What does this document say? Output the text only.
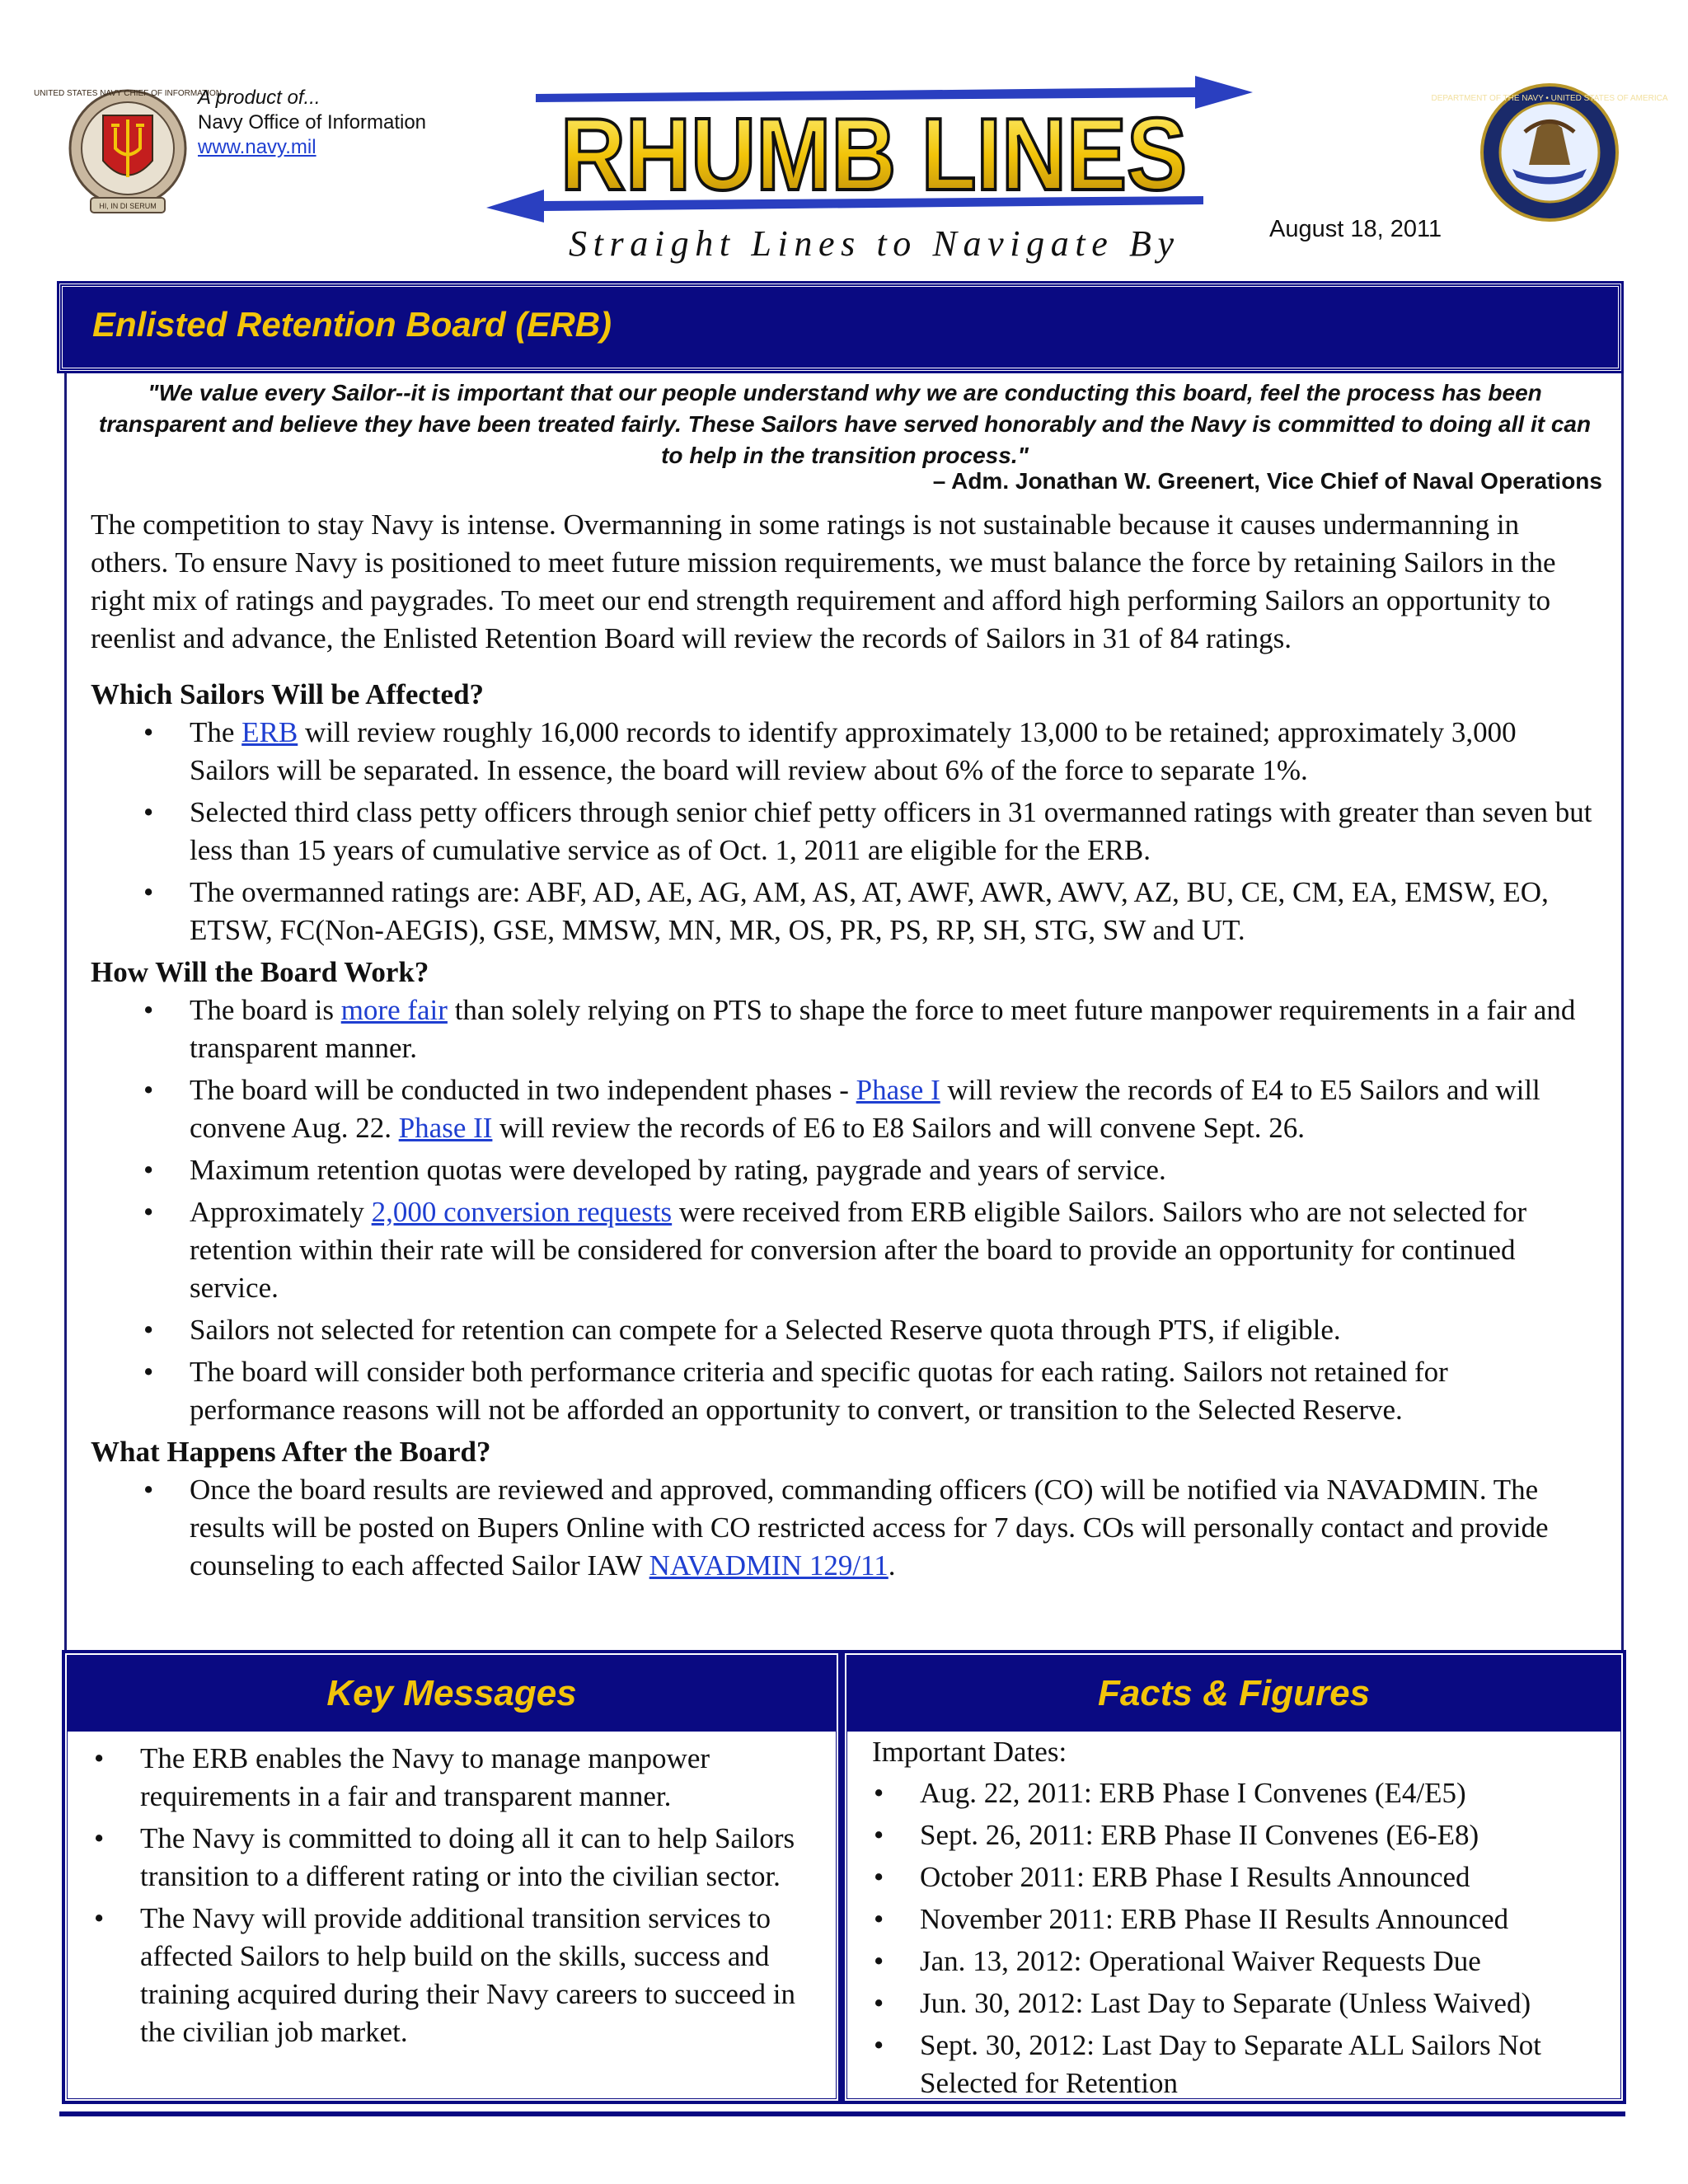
UNITED STATES NAVY CHIEF OF INFORMATION
HI, IN DI SERUM
A product of...
Navy Office of Information
www.navy.mil	RHUMB LINES
Straight Lines to Navigate By
DEPARTMENT OF THE NAVY • UNITED STATES OF AMERICA
August 18, 2011
Enlisted Retention Board (ERB)
"We value every Sailor--it is important that our people understand why we are conducting this board, feel the process has been transparent and believe they have been treated fairly. These Sailors have served honorably and the Navy is committed to doing all it can to help in the transition process."
– Adm. Jonathan W. Greenert, Vice Chief of Naval Operations

The competition to stay Navy is intense. Overmanning in some ratings is not sustainable because it causes undermanning in others. To ensure Navy is positioned to meet future mission requirements, we must balance the force by retaining Sailors in the right mix of ratings and paygrades. To meet our end strength requirement and afford high performing Sailors an opportunity to reenlist and advance, the Enlisted Retention Board will review the records of Sailors in 31 of 84 ratings.

Which Sailors Will be Affected?
• The ERB will review roughly 16,000 records to identify approximately 13,000 to be retained; approximately 3,000 Sailors will be separated. In essence, the board will review about 6% of the force to separate 1%.
• Selected third class petty officers through senior chief petty officers in 31 overmanned ratings with greater than seven but less than 15 years of cumulative service as of Oct. 1, 2011 are eligible for the ERB.
• The overmanned ratings are: ABF, AD, AE, AG, AM, AS, AT, AWF, AWR, AWV, AZ, BU, CE, CM, EA, EMSW, EO, ETSW, FC(Non-AEGIS), GSE, MMSW, MN, MR, OS, PR, PS, RP, SH, STG, SW and UT.
How Will the Board Work?
• The board is more fair than solely relying on PTS to shape the force to meet future manpower requirements in a fair and transparent manner.
• The board will be conducted in two independent phases - Phase I will review the records of E4 to E5 Sailors and will convene Aug. 22. Phase II will review the records of E6 to E8 Sailors and will convene Sept. 26.
• Maximum retention quotas were developed by rating, paygrade and years of service.
• Approximately 2,000 conversion requests were received from ERB eligible Sailors. Sailors who are not selected for retention within their rate will be considered for conversion after the board to provide an opportunity for continued service.
• Sailors not selected for retention can compete for a Selected Reserve quota through PTS, if eligible.
• The board will consider both performance criteria and specific quotas for each rating. Sailors not retained for performance reasons will not be afforded an opportunity to convert, or transition to the Selected Reserve.
What Happens After the Board?
• Once the board results are reviewed and approved, commanding officers (CO) will be notified via NAVADMIN. The results will be posted on Bupers Online with CO restricted access for 7 days. COs will personally contact and provide counseling to each affected Sailor IAW NAVADMIN 129/11.
Key Messages
• The ERB enables the Navy to manage manpower requirements in a fair and transparent manner.
• The Navy is committed to doing all it can to help Sailors transition to a different rating or into the civilian sector.
• The Navy will provide additional transition services to affected Sailors to help build on the skills, success and training acquired during their Navy careers to succeed in the civilian job market.
Facts & Figures
Important Dates:
• Aug. 22, 2011: ERB Phase I Convenes (E4/E5)
• Sept. 26, 2011: ERB Phase II Convenes (E6-E8)
• October 2011: ERB Phase I Results Announced
• November 2011: ERB Phase II Results Announced
• Jan. 13, 2012: Operational Waiver Requests Due
• Jun. 30, 2012: Last Day to Separate (Unless Waived)
• Sept. 30, 2012: Last Day to Separate ALL Sailors Not Selected for Retention
